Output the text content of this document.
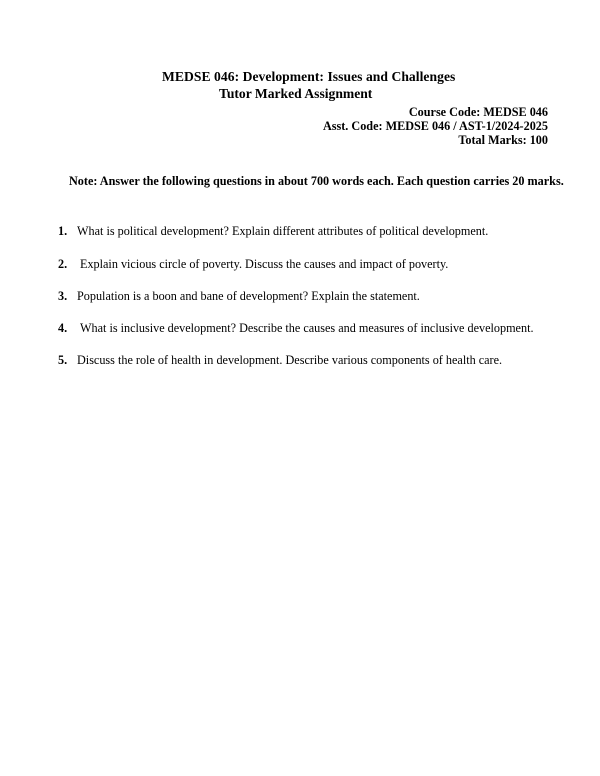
MEDSE 046: Development: Issues and Challenges
Tutor Marked Assignment
Course Code: MEDSE 046
Asst. Code: MEDSE 046 / AST-1/2024-2025
Total Marks: 100
Note: Answer the following questions in about 700 words each. Each question carries 20 marks.
1. What is political development? Explain different attributes of political development.
2. Explain vicious circle of poverty. Discuss the causes and impact of poverty.
3. Population is a boon and bane of development? Explain the statement.
4. What is inclusive development? Describe the causes and measures of inclusive development.
5. Discuss the role of health in development. Describe various components of health care.
